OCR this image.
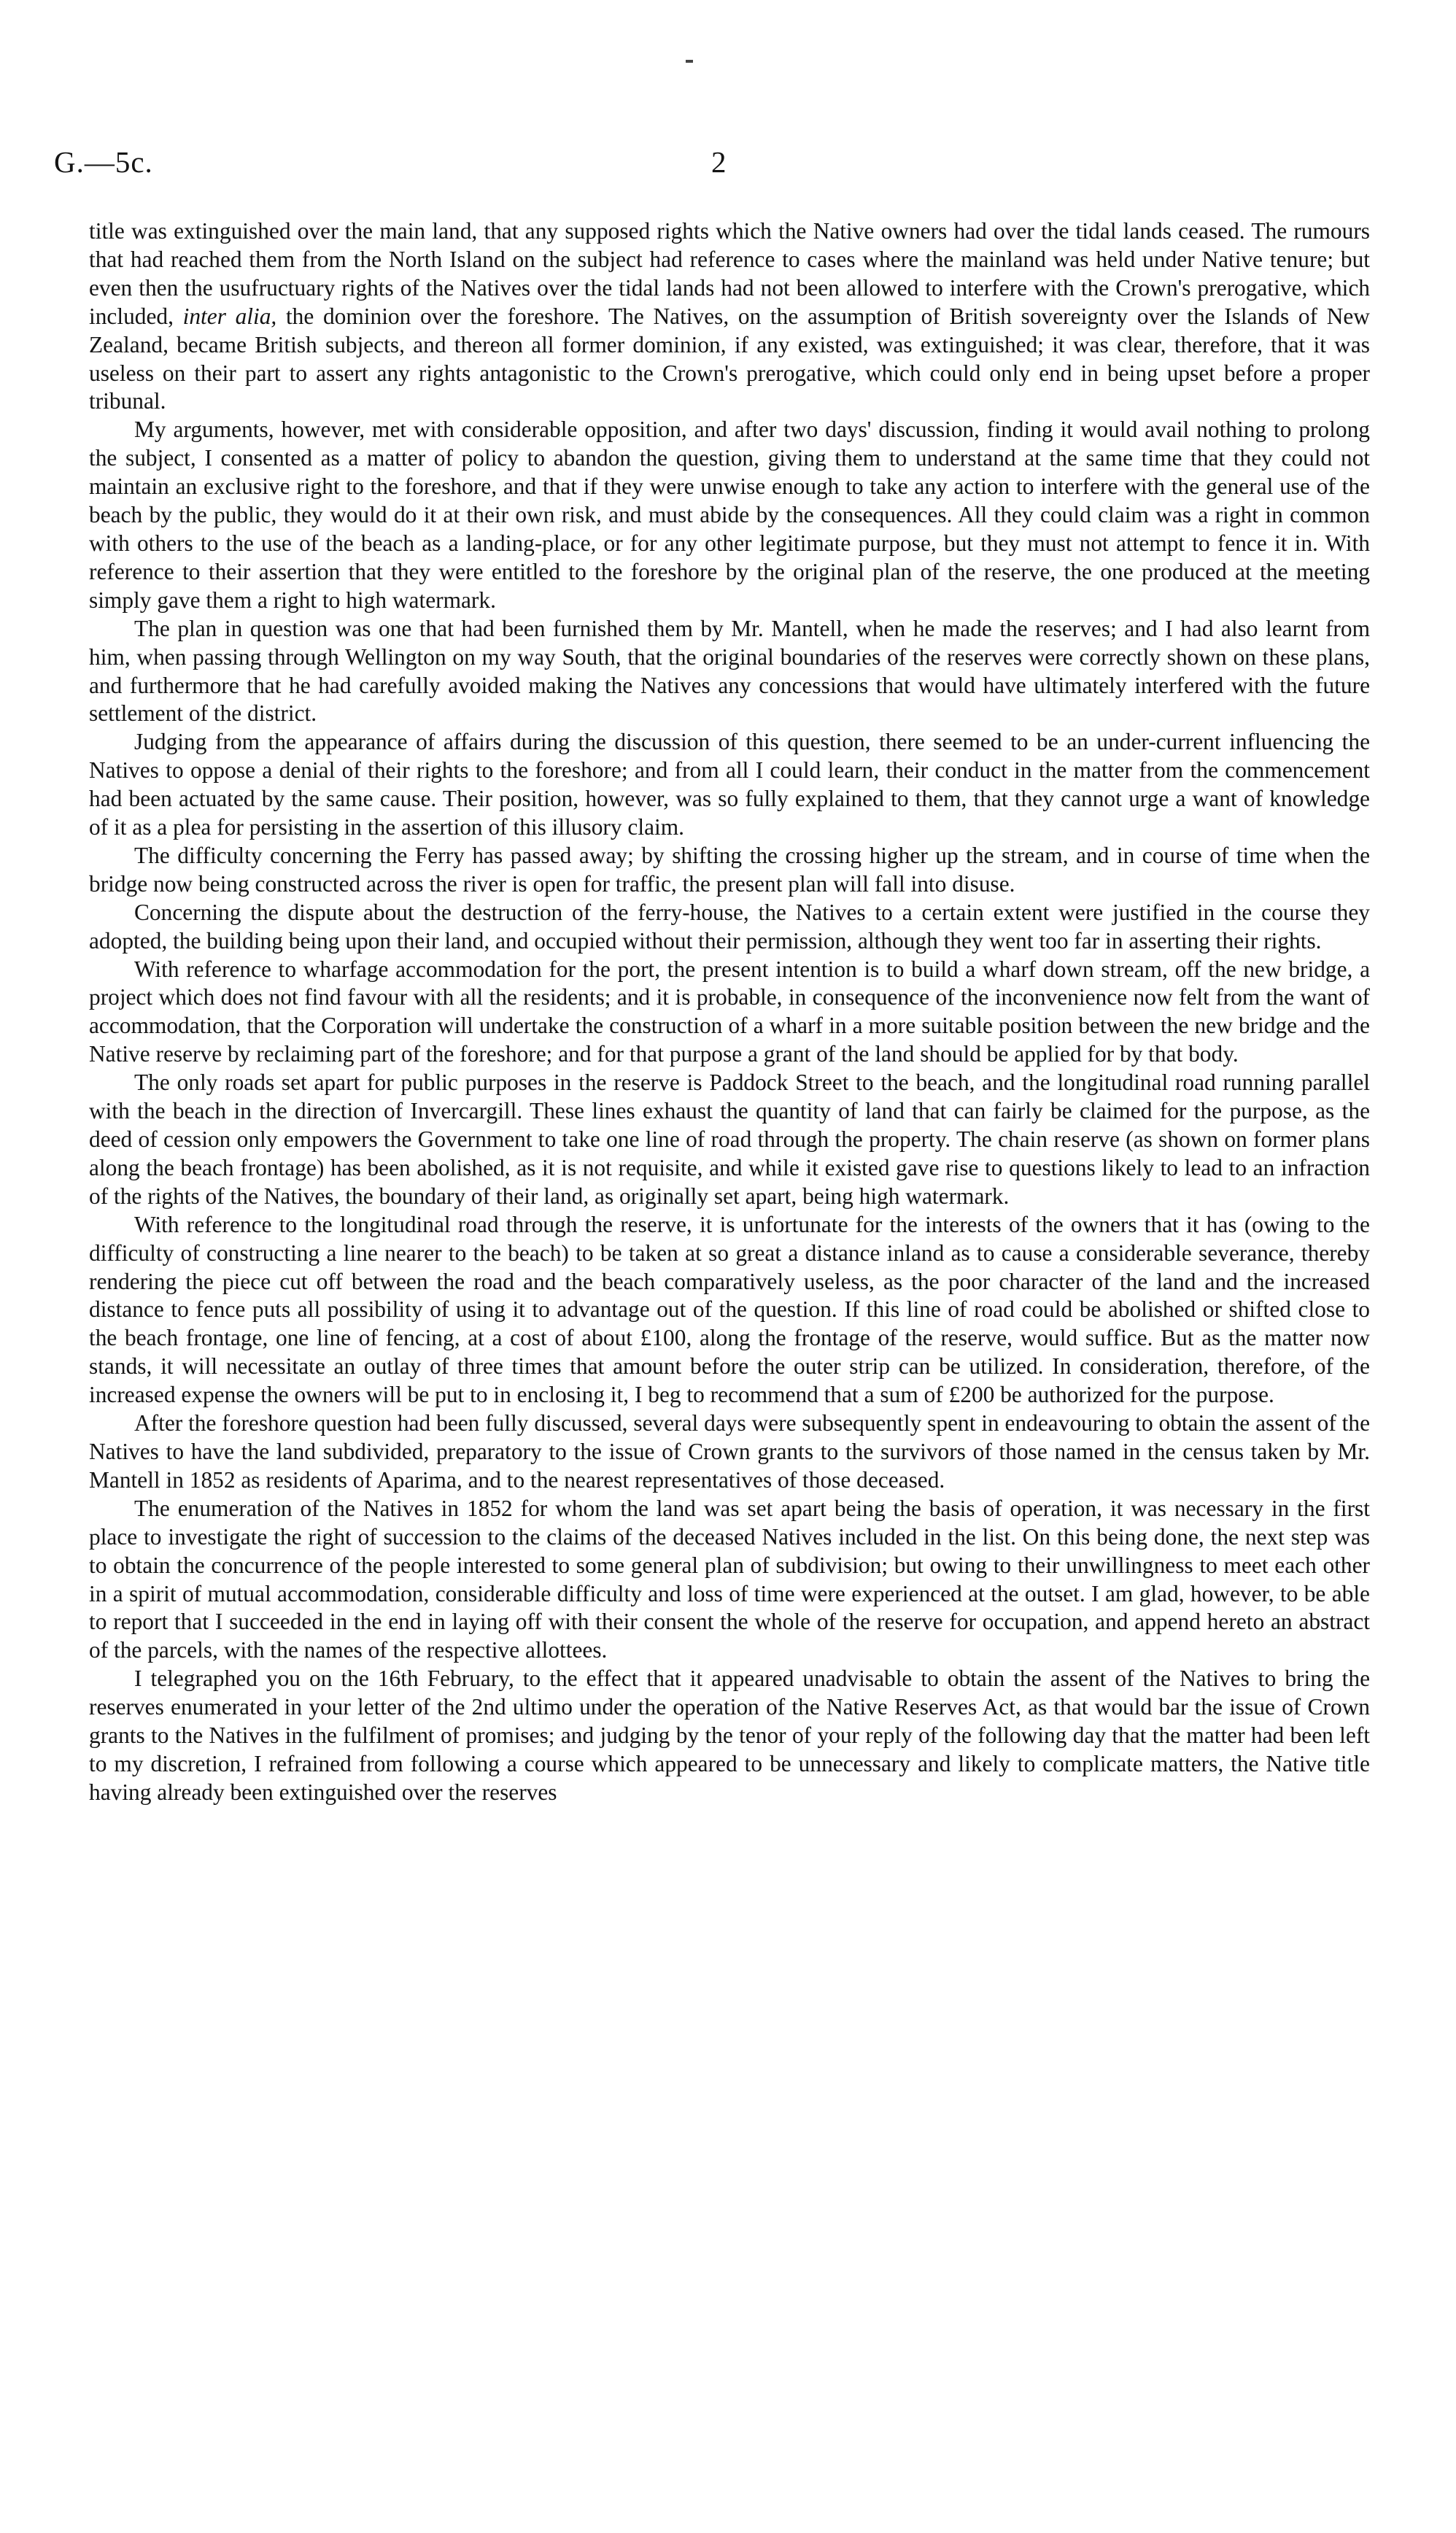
G.—5c.	2

title was extinguished over the main land, that any supposed rights which the Native owners had over the tidal lands ceased. The rumours that had reached them from the North Island on the subject had reference to cases where the mainland was held under Native tenure; but even then the usufructuary rights of the Natives over the tidal lands had not been allowed to interfere with the Crown's prerogative, which included, inter alia, the dominion over the foreshore. The Natives, on the assumption of British sovereignty over the Islands of New Zealand, became British subjects, and thereon all former dominion, if any existed, was extinguished; it was clear, therefore, that it was useless on their part to assert any rights antagonistic to the Crown's prerogative, which could only end in being upset before a proper tribunal.

My arguments, however, met with considerable opposition, and after two days' discussion, finding it would avail nothing to prolong the subject, I consented as a matter of policy to abandon the question, giving them to understand at the same time that they could not maintain an exclusive right to the foreshore, and that if they were unwise enough to take any action to interfere with the general use of the beach by the public, they would do it at their own risk, and must abide by the consequences. All they could claim was a right in common with others to the use of the beach as a landing-place, or for any other legitimate purpose, but they must not attempt to fence it in. With reference to their assertion that they were entitled to the foreshore by the original plan of the reserve, the one produced at the meeting simply gave them a right to high watermark.

The plan in question was one that had been furnished them by Mr. Mantell, when he made the reserves; and I had also learnt from him, when passing through Wellington on my way South, that the original boundaries of the reserves were correctly shown on these plans, and furthermore that he had carefully avoided making the Natives any concessions that would have ultimately interfered with the future settlement of the district.

Judging from the appearance of affairs during the discussion of this question, there seemed to be an under-current influencing the Natives to oppose a denial of their rights to the foreshore; and from all I could learn, their conduct in the matter from the commencement had been actuated by the same cause. Their position, however, was so fully explained to them, that they cannot urge a want of knowledge of it as a plea for persisting in the assertion of this illusory claim.

The difficulty concerning the Ferry has passed away; by shifting the crossing higher up the stream, and in course of time when the bridge now being constructed across the river is open for traffic, the present plan will fall into disuse.

Concerning the dispute about the destruction of the ferry-house, the Natives to a certain extent were justified in the course they adopted, the building being upon their land, and occupied without their permission, although they went too far in asserting their rights.

With reference to wharfage accommodation for the port, the present intention is to build a wharf down stream, off the new bridge, a project which does not find favour with all the residents; and it is probable, in consequence of the inconvenience now felt from the want of accommodation, that the Corporation will undertake the construction of a wharf in a more suitable position between the new bridge and the Native reserve by reclaiming part of the foreshore; and for that purpose a grant of the land should be applied for by that body.

The only roads set apart for public purposes in the reserve is Paddock Street to the beach, and the longitudinal road running parallel with the beach in the direction of Invercargill. These lines exhaust the quantity of land that can fairly be claimed for the purpose, as the deed of cession only empowers the Government to take one line of road through the property. The chain reserve (as shown on former plans along the beach frontage) has been abolished, as it is not requisite, and while it existed gave rise to questions likely to lead to an infraction of the rights of the Natives, the boundary of their land, as originally set apart, being high watermark.

With reference to the longitudinal road through the reserve, it is unfortunate for the interests of the owners that it has (owing to the difficulty of constructing a line nearer to the beach) to be taken at so great a distance inland as to cause a considerable severance, thereby rendering the piece cut off between the road and the beach comparatively useless, as the poor character of the land and the increased distance to fence puts all possibility of using it to advantage out of the question. If this line of road could be abolished or shifted close to the beach frontage, one line of fencing, at a cost of about £100, along the frontage of the reserve, would suffice. But as the matter now stands, it will necessitate an outlay of three times that amount before the outer strip can be utilized. In consideration, therefore, of the increased expense the owners will be put to in enclosing it, I beg to recommend that a sum of £200 be authorized for the purpose.

After the foreshore question had been fully discussed, several days were subsequently spent in endeavouring to obtain the assent of the Natives to have the land subdivided, preparatory to the issue of Crown grants to the survivors of those named in the census taken by Mr. Mantell in 1852 as residents of Aparima, and to the nearest representatives of those deceased.

The enumeration of the Natives in 1852 for whom the land was set apart being the basis of operation, it was necessary in the first place to investigate the right of succession to the claims of the deceased Natives included in the list. On this being done, the next step was to obtain the concurrence of the people interested to some general plan of subdivision; but owing to their unwillingness to meet each other in a spirit of mutual accommodation, considerable difficulty and loss of time were experienced at the outset. I am glad, however, to be able to report that I succeeded in the end in laying off with their consent the whole of the reserve for occupation, and append hereto an abstract of the parcels, with the names of the respective allottees.

I telegraphed you on the 16th February, to the effect that it appeared unadvisable to obtain the assent of the Natives to bring the reserves enumerated in your letter of the 2nd ultimo under the operation of the Native Reserves Act, as that would bar the issue of Crown grants to the Natives in the fulfilment of promises; and judging by the tenor of your reply of the following day that the matter had been left to my discretion, I refrained from following a course which appeared to be unnecessary and likely to complicate matters, the Native title having already been extinguished over the reserves
